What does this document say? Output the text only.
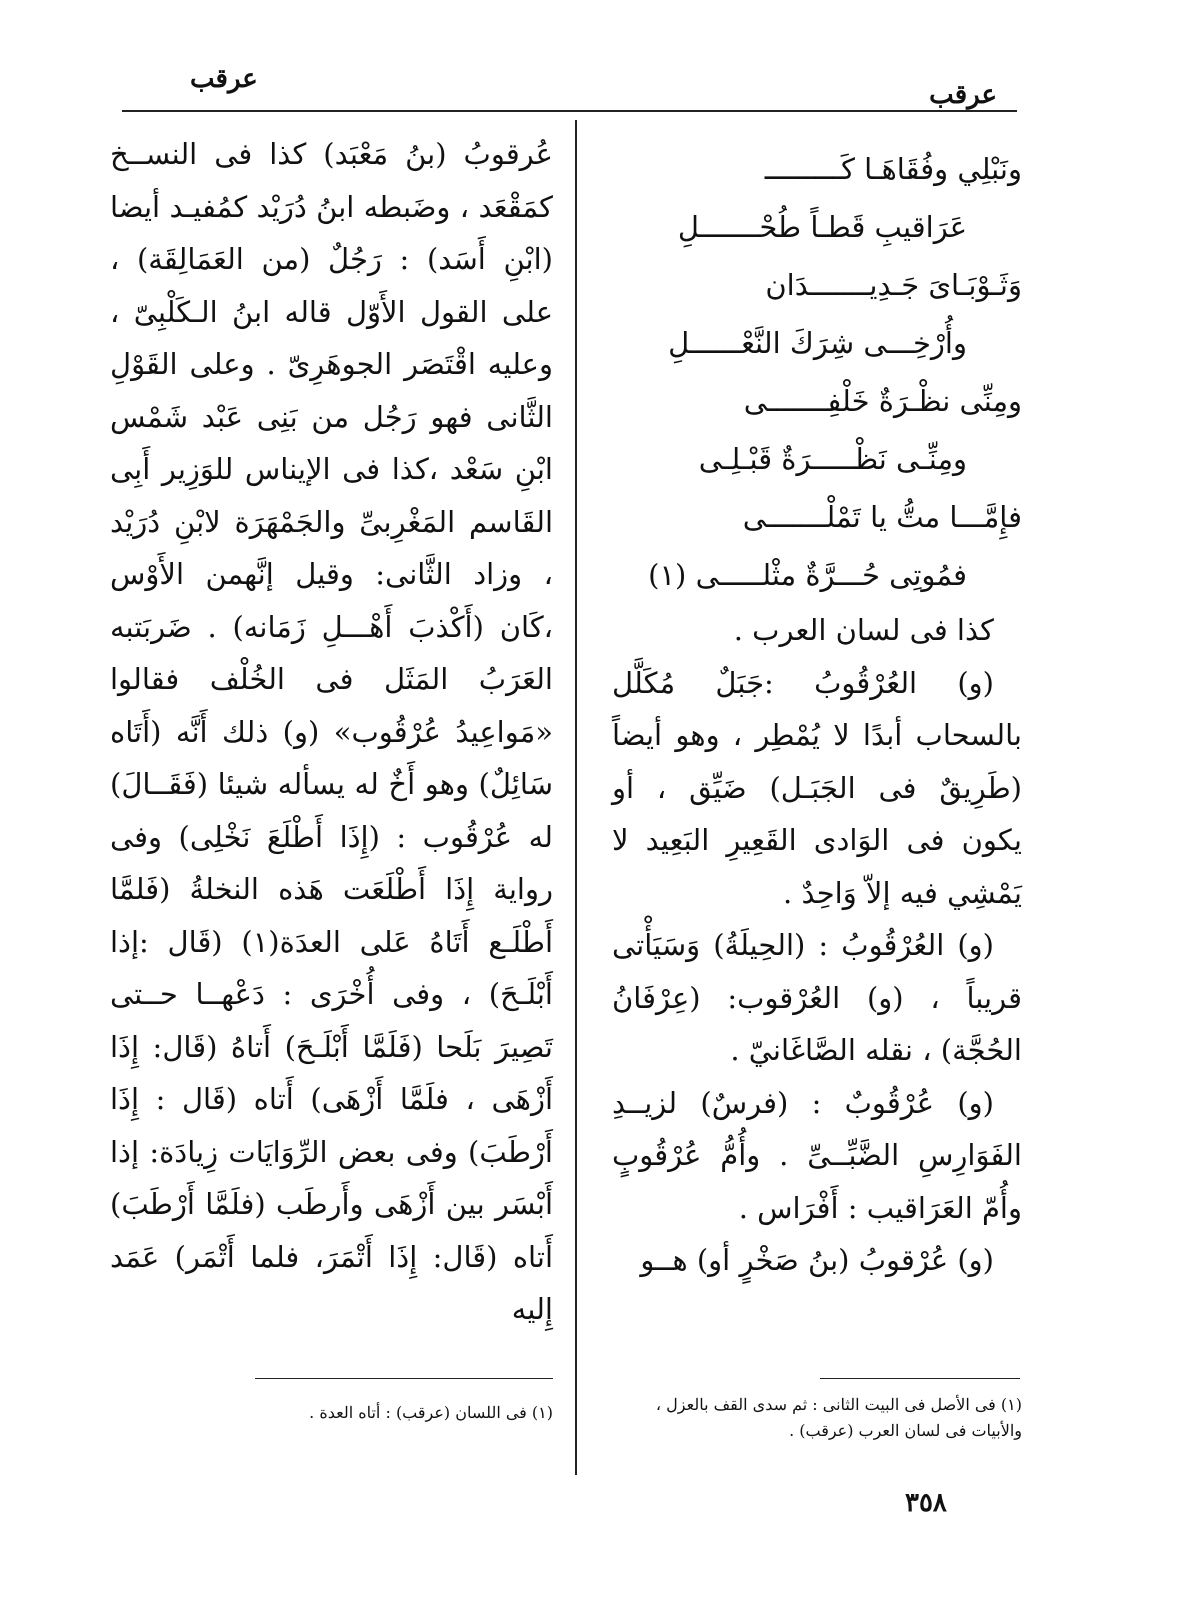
عرقب
عرقب
ونَبْلِي وفُقَاهَـا كَـــــــــ
عَرَاقيبِ قَطـاً طُحْـــــــلِ
وَثَـوْبَـاىَ جَـدِيـــــــدَان
وأُرْخِـــى شِرَكَ النَّعْــــــلِ
ومِنِّى نظْـرَةٌ خَلْفِـــــــى
ومِنِّـى نَظْـــــرَةٌ قَبْـلِـى
فإِمَّـــا متُّ يا تَمْلْـــــــى
فمُوتِى حُـــرَّةٌ مثْلـــــى (١)

كذا فى لسان العرب .

(و) العُرْقُوبُ :جَبَلٌ مُكَلَّل بالسحاب أبدًا لا يُمْطِر ، وهو أيضاً (طَرِيقٌ فى الجَبَـل) ضَيِّق ، أو يكون فى الوَادى القَعِيرِ البَعِيد لا يَمْشِي فيه إلاّ وَاحِدٌ .

(و) العُرْقُوبُ : (الحِيلَةُ) وَسَيَأْتى قريباً ، (و) العُرْقوب: (عِرْفَانُ الحُجَّة) ، نقله الصَّاغَانيّ .

(و) عُرْقُوبٌ : (فرسٌ) لزيــدِ الفَوَارِسِ الضَّبِّــىِّ . وأُمُّ عُرْقُوبٍ وأُمّ العَرَاقيب : أَفْرَاس .

(و) عُرْقوبُ (بنُ صَخْرٍ أو) هــو

عُرقوبُ (بنُ مَعْبَد) كذا فى النســخ كمَقْعَد ، وضَبطه ابنُ دُرَيْد كمُفيـد أيضا (ابْنِ أَسَد) : رَجُلٌ (من العَمَالِقَة) ، على القول الأَوّل قاله ابنُ الـكَلْبِىّ ، وعليه اقْتَصَر الجوهَرِىّ . وعلى القَوْلِ الثَّانى فهو رَجُل من بَنِى عَبْد شَمْس ابْنِ سَعْد ،كذا فى الإيناس للوَزِير أَبِى القَاسم المَغْرِبىِّ والجَمْهَرَة لابْنِ دُرَيْد ، وزاد الثَّانى: وقيل إنَّهمن الأَوْس ،كَان (أَكْذبَ أَهْـــلِ زَمَانه) . ضَربَتبه العَرَبُ المَثَل فى الخُلْف فقالوا «مَواعِيدُ عُرْقُوب» (و) ذلك أَنَّه (أَتَاه سَائِلٌ) وهو أَخٌ له يسأله شيئا (فَقَــالَ) له عُرْقُوب : (إِذَا أَطْلَعَ نَخْلِى) وفى رواية إِذَا أَطْلَعَت هَذه النخلةُ (فَلمَّا أَطْلَـع أَتَاهُ عَلى العدَة(١) (قَال :إذا أَبْلَـحَ) ، وفى أُخْرَى : دَعْهــا حــتى تَصِيرَ بَلَحا (فَلَمَّا أَبْلَـحَ) أَتاهُ (قَال: إِذَا أَزْهَى ، فلَمَّا أَزْهَى) أَتاه (قَال : إِذَا أَرْطَبَ) وفى بعض الرِّوَايَات زِيادَة: إذا أَبْسَر بين أَزْهَى وأَرطَب (فلَمَّا أَرْطَبَ) أَتاه (قَال: إِذَا أَتْمَرَ، فلما أَتْمَر) عَمَد إِليه

(١) فى الأصل فى البيت الثانى : ثم سدى القف بالعزل ، والأبيات فى لسان العرب (عرقب) .
(١) فى اللسان (عرقب) : أتاه العدة .
٣٥٨
